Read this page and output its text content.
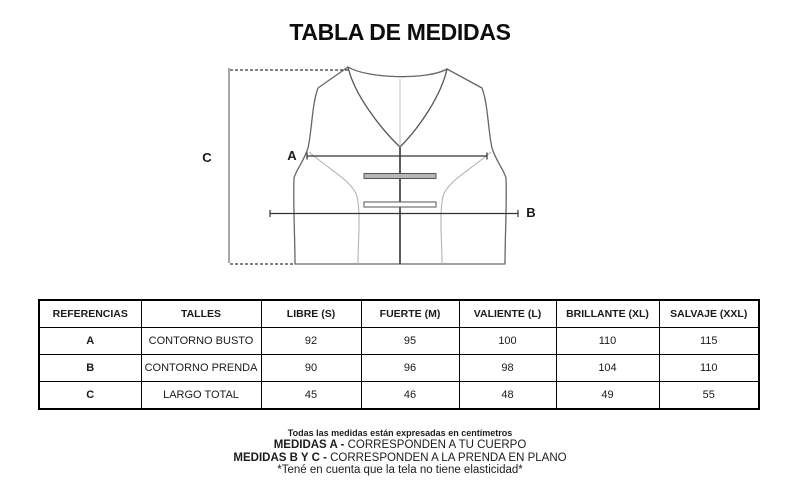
TABLA DE MEDIDAS
A
B
C
REFERENCIAS	TALLES	LIBRE (S)	FUERTE (M)	VALIENTE (L)	BRILLANTE (XL)	SALVAJE (XXL)
A	CONTORNO BUSTO	92	95	100	110	115
B	CONTORNO PRENDA	90	96	98	104	110
C	LARGO TOTAL	45	46	48	49	55
Todas las medidas están expresadas en centímetros
MEDIDAS A - CORRESPONDEN A TU CUERPO
MEDIDAS B Y C - CORRESPONDEN A LA PRENDA EN PLANO
*Tené en cuenta que la tela no tiene elasticidad*
